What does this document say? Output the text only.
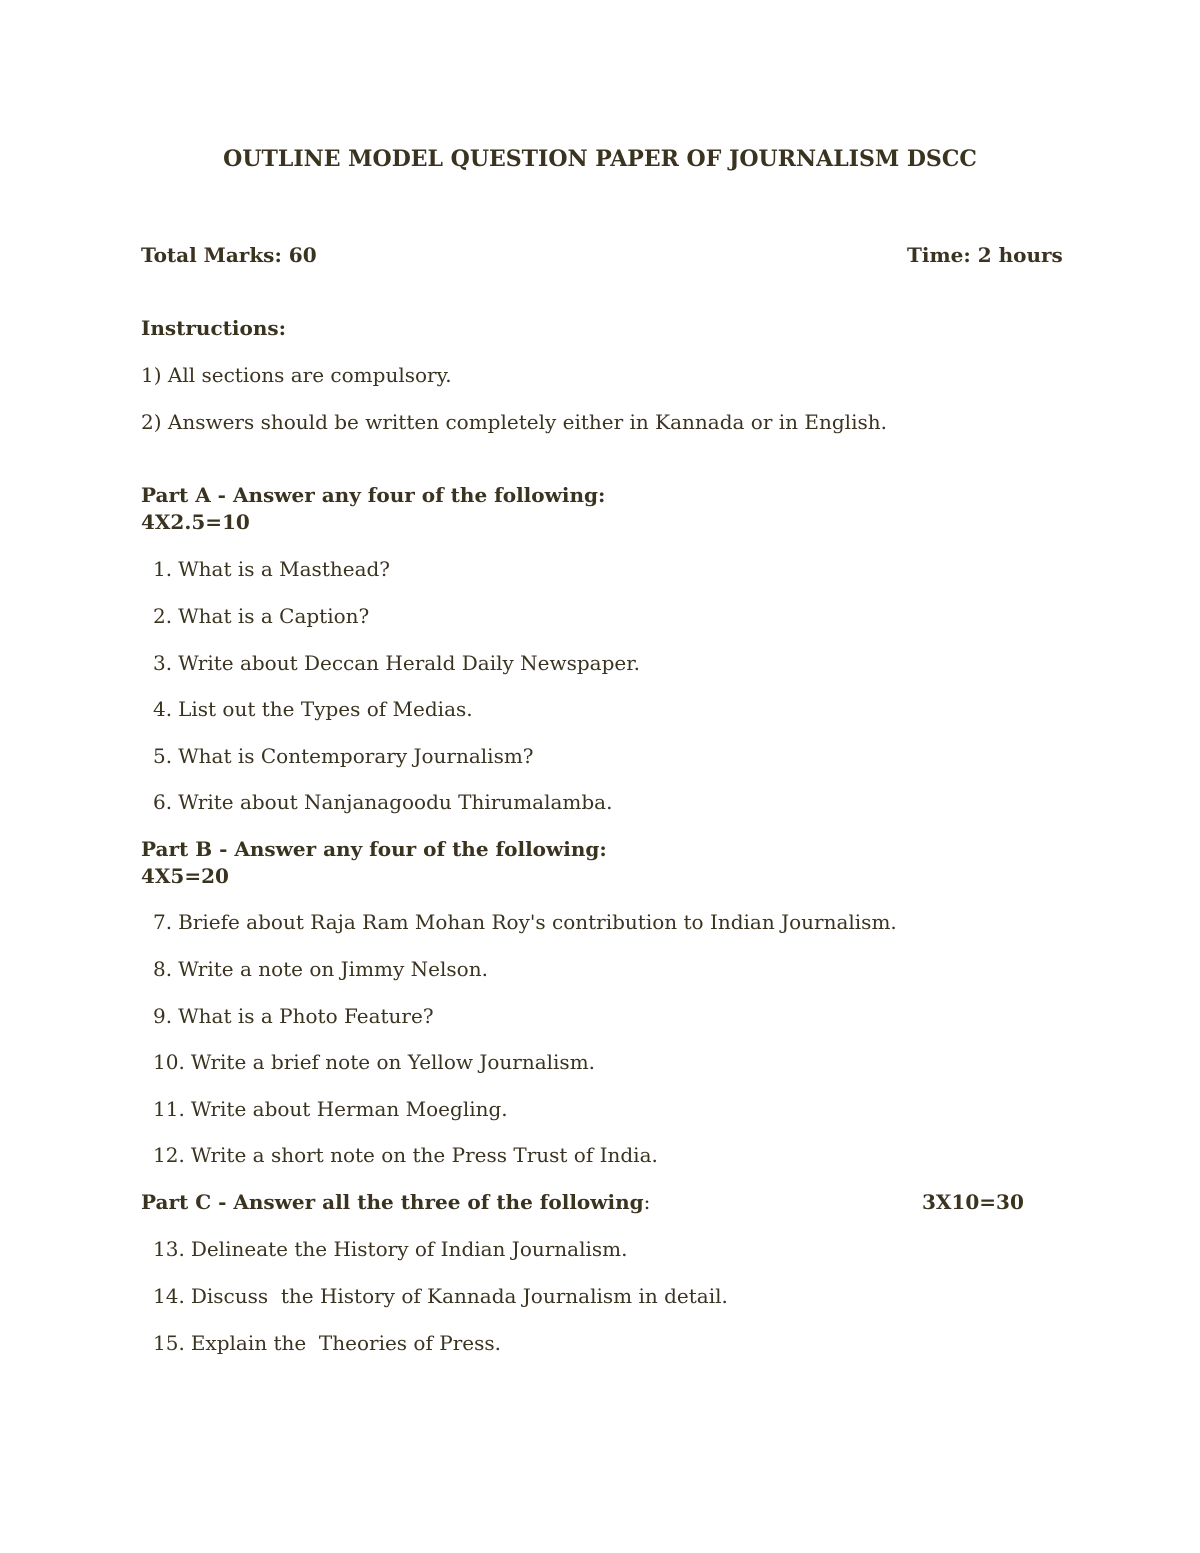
OUTLINE MODEL QUESTION PAPER OF JOURNALISM DSCC
Total Marks: 60	Time: 2 hours
Instructions:
1) All sections are compulsory.
2) Answers should be written completely either in Kannada or in English.
Part A - Answer any four of the following:
4X2.5=10
1. What is a Masthead?
2. What is a Caption?
3. Write about Deccan Herald Daily Newspaper.
4. List out the Types of Medias.
5. What is Contemporary Journalism?
6. Write about Nanjanagoodu Thirumalamba.
Part B - Answer any four of the following:
4X5=20
7. Briefe about Raja Ram Mohan Roy's contribution to Indian Journalism.
8. Write a note on Jimmy Nelson.
9. What is a Photo Feature?
10. Write a brief note on Yellow Journalism.
11. Write about Herman Moegling.
12. Write a short note on the Press Trust of India.
Part C - Answer all the three of the following:	3X10=30
13. Delineate the History of Indian Journalism.
14. Discuss  the History of Kannada Journalism in detail.
15. Explain the  Theories of Press.
